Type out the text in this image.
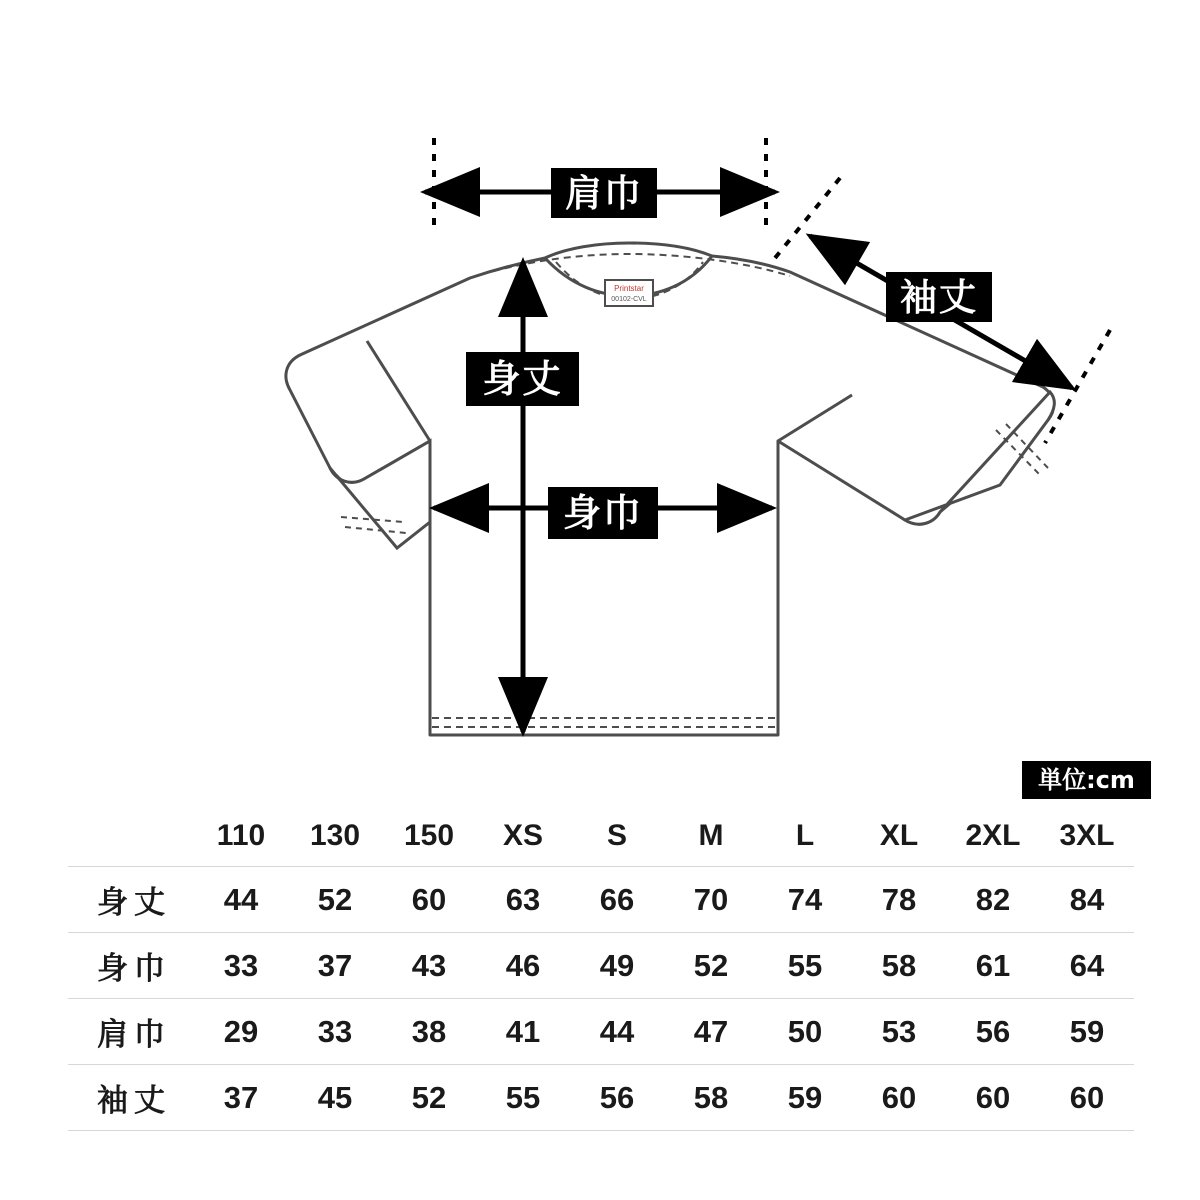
Printstar
00102-CVL
肩巾
袖丈
身丈
身巾
単位:cm
	110	130	150	XS	S	M	L	XL	2XL	3XL
身丈	44	52	60	63	66	70	74	78	82	84
身巾	33	37	43	46	49	52	55	58	61	64
肩巾	29	33	38	41	44	47	50	53	56	59
袖丈	37	45	52	55	56	58	59	60	60	60
